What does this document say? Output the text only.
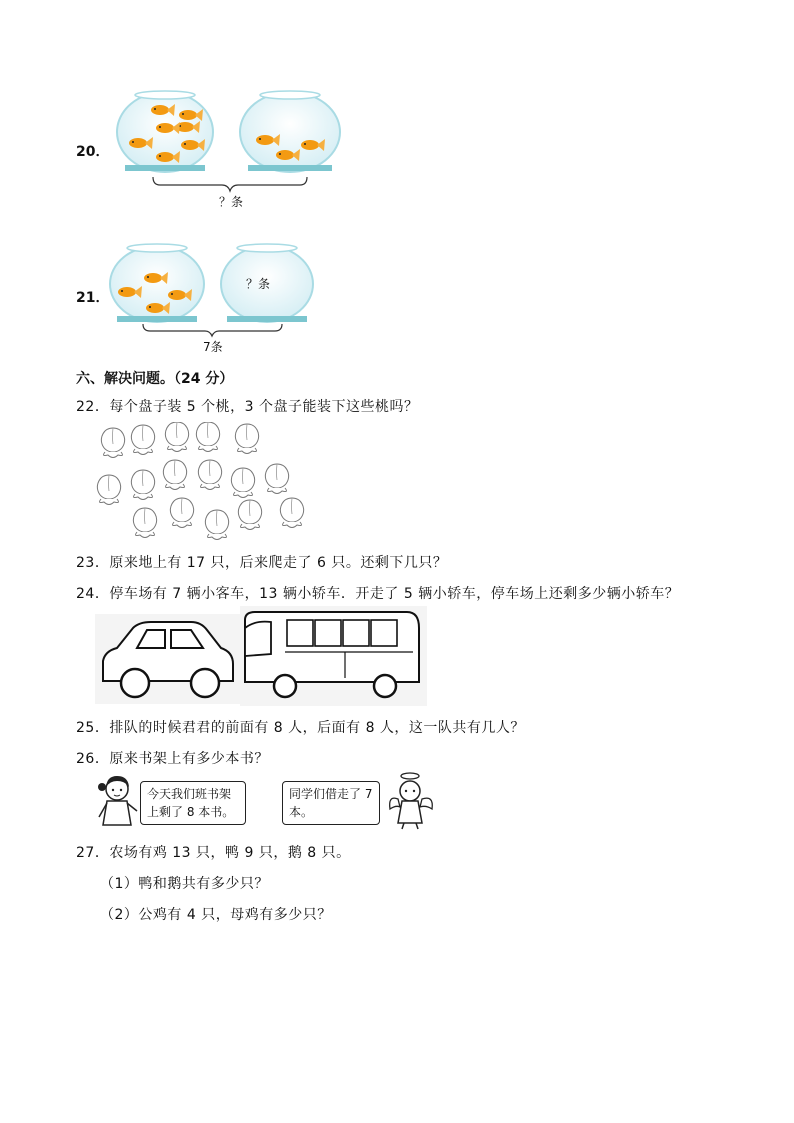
20．
？条
21．
？条
7条
六、解决问题。（24 分）
22．每个盘子装 5 个桃，3 个盘子能装下这些桃吗？
23．原来地上有 17 只，后来爬走了 6 只。还剩下几只？
24．停车场有 7 辆小客车，13 辆小轿车．开走了 5 辆小轿车，停车场上还剩多少辆小轿车？
25．排队的时候君君的前面有 8 人，后面有 8 人，这一队共有几人？
26．原来书架上有多少本书？
今天我们班书架上剩了 8 本书。
同学们借走了 7 本。
27．农场有鸡 13 只，鸭 9 只，鹅 8 只。
（1）鸭和鹅共有多少只？
（2）公鸡有 4 只，母鸡有多少只？
